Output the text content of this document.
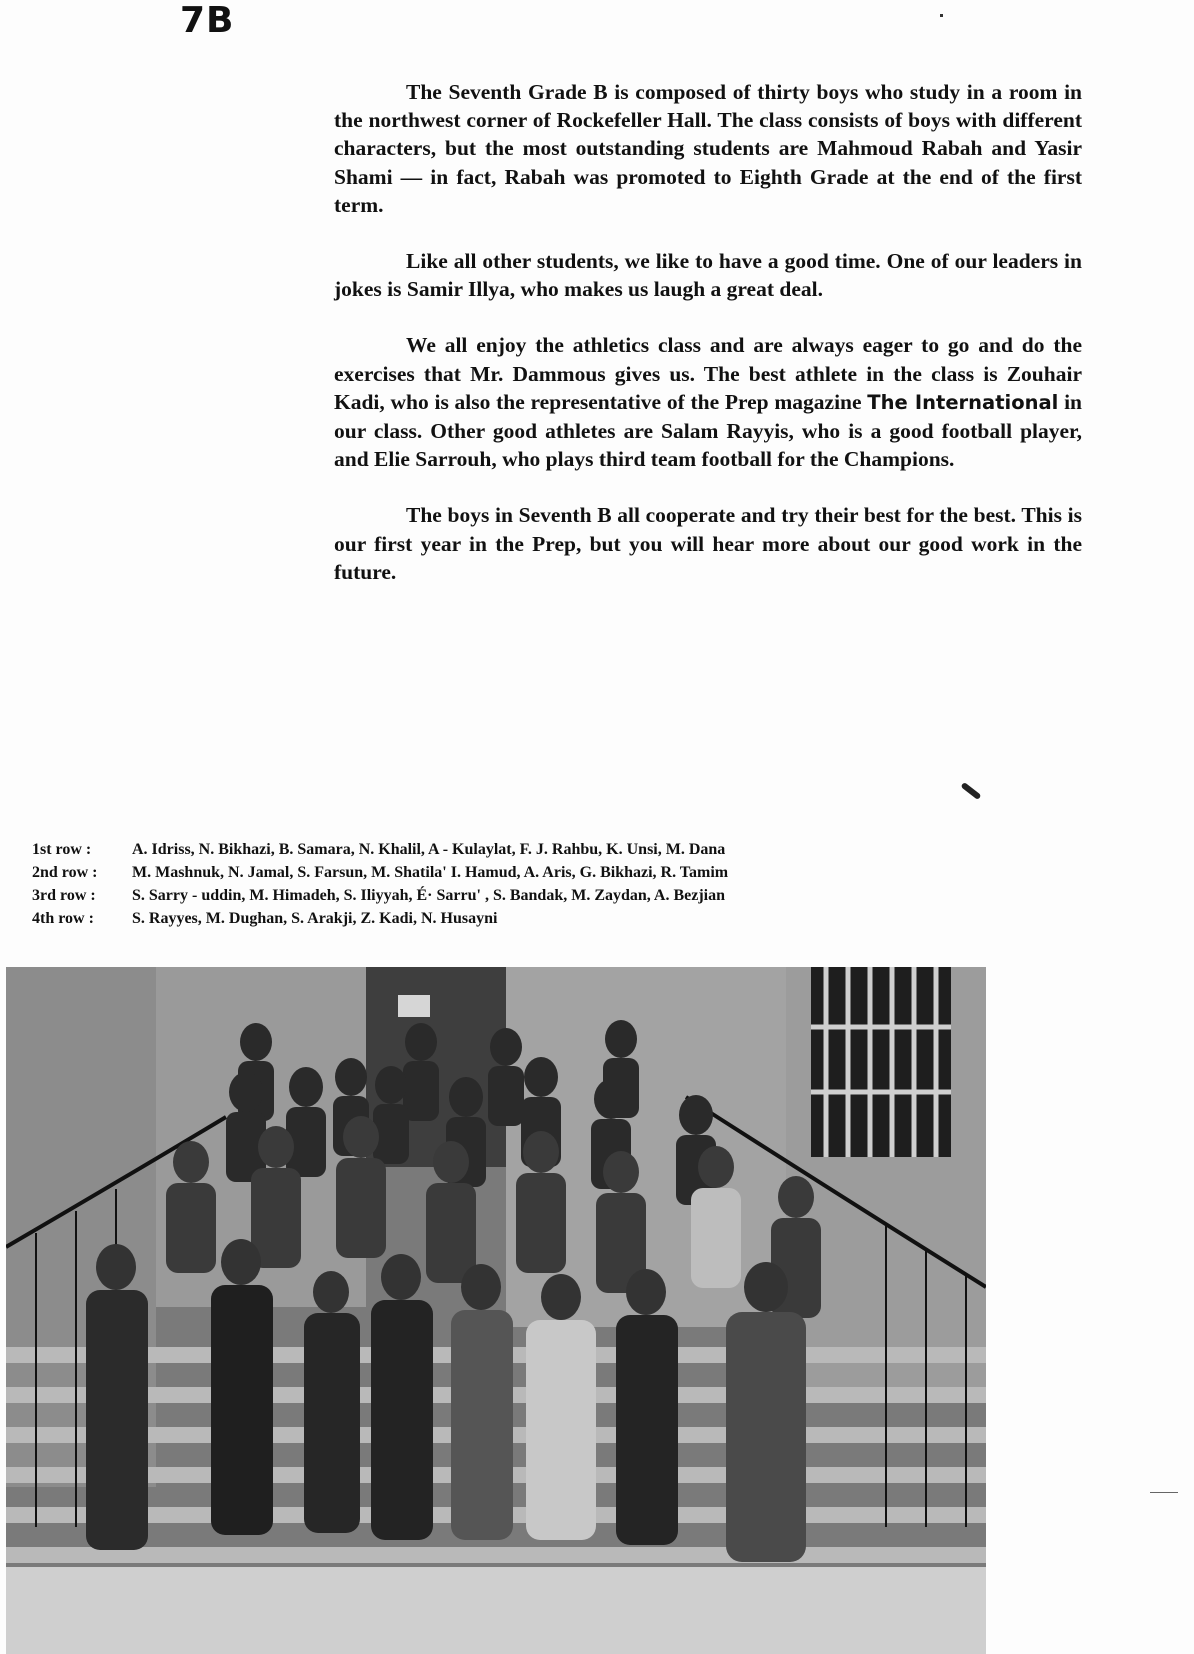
7B

The Seventh Grade B is composed of thirty boys who study in a room in the northwest corner of Rockefeller Hall. The class consists of boys with different characters, but the most outstanding students are Mahmoud Rabah and Yasir Shami — in fact, Rabah was promoted to Eighth Grade at the end of the first term.

Like all other students, we like to have a good time. One of our leaders in jokes is Samir Illya, who makes us laugh a great deal.

We all enjoy the athletics class and are always eager to go and do the exercises that Mr. Dammous gives us. The best athlete in the class is Zouhair Kadi, who is also the representative of the Prep magazine The International in our class. Other good athletes are Salam Rayyis, who is a good football player, and Elie Sarrouh, who plays third team football for the Champions.

The boys in Seventh B all cooperate and try their best for the best. This is our first year in the Prep, but you will hear more about our good work in the future.

1st row :	A. Idriss, N. Bikhazi, B. Samara, N. Khalil, A - Kulaylat, F. J. Rahbu, K. Unsi, M. Dana
2nd row :	M. Mashnuk, N. Jamal, S. Farsun, M. Shatila' I. Hamud, A. Aris, G. Bikhazi, R. Tamim
3rd row :	S. Sarry - uddin, M. Himadeh, S. Iliyyah, É· Sarru' , S. Bandak, M. Zaydan, A. Bezjian
4th row :	S. Rayyes, M. Dughan, S. Arakji, Z. Kadi, N. Husayni
